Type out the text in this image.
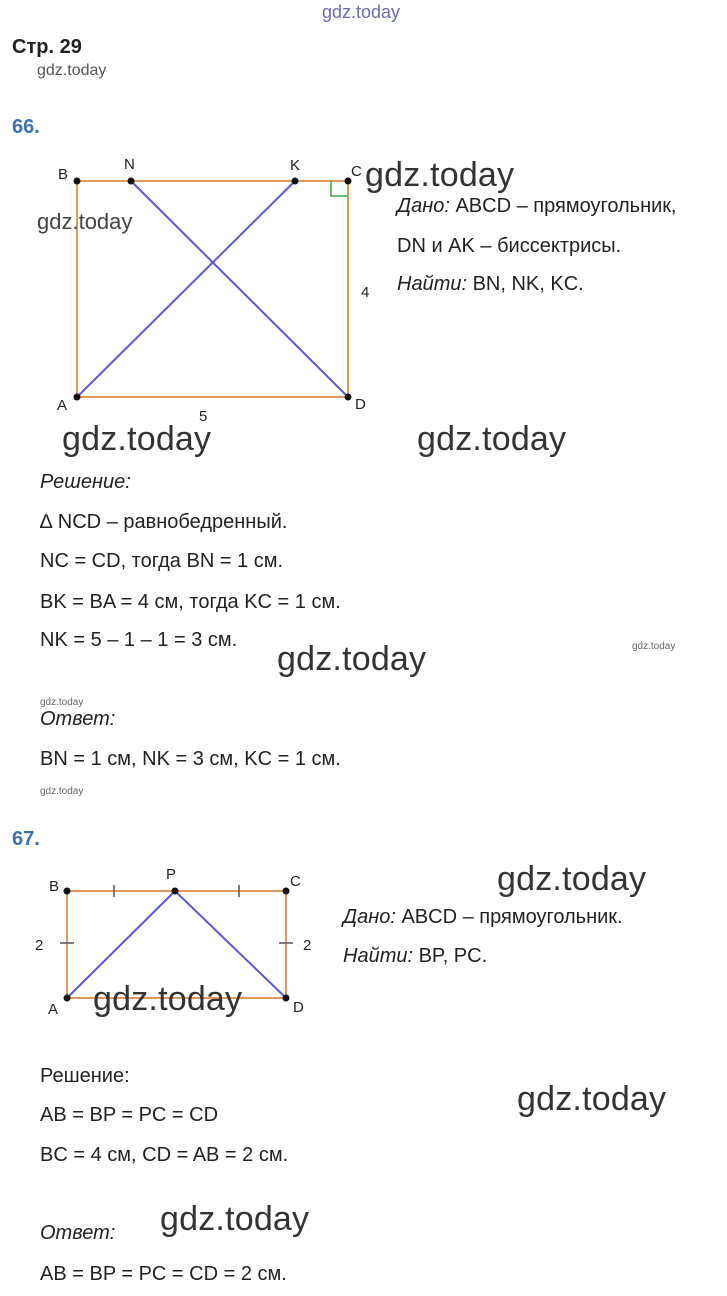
gdz.today
Стр. 29
gdz.today
66.
B
N	K	C
A	D
4
5
gdz.today
gdz.today
Дано: ABCD – прямоугольник,
DN и AK – биссектрисы.
Найти: BN, NK, KC.
gdz.today	gdz.today
Решение:
∆ NCD – равнобедренный.
NC = CD, тогда BN = 1 см.
BK = BA = 4 см, тогда KC = 1 см.
NK = 5 – 1 – 1 = 3 см. gdz.today	gdz.today
gdz.today
Ответ:
BN = 1 см, NK = 3 см, KC = 1 см.
gdz.today
67.
B
P	C
A	D
2	2
gdz.today
Дано: ABCD – прямоугольник.
Найти: BP, PC.
gdz.today
Решение:
gdz.today
AB = BP = PC = CD
BC = 4 см, CD = AB = 2 см.
gdz.today
Ответ:
AB = BP = PC = CD = 2 см.
